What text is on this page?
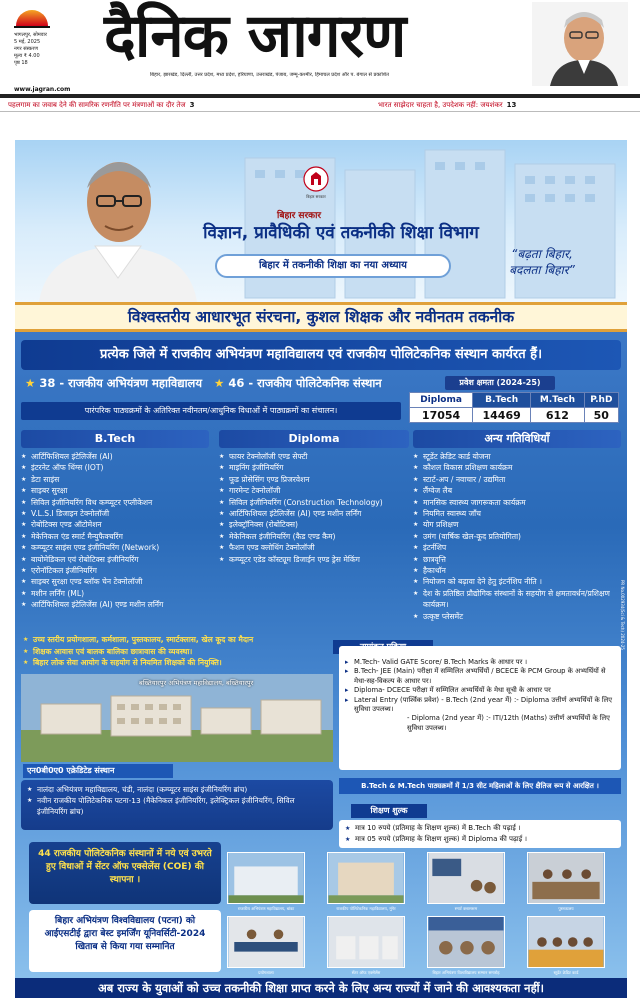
भागलपुर, सोमवार
5 मई, 2025
नगर संस्करण
मूल्य ₹ 4.00
पृष्ठ 18	दैनिक जागरण
बिहार, झारखंड, दिल्ली, उत्तर प्रदेश, मध्य प्रदेश, हरियाणा, उत्तराखंड, पंजाब, जम्मू-कश्मीर, हिमाचल प्रदेश और प. बंगाल से प्रकाशित
www.jagran.com
पहलगाम का जवाब देने की सामरिक रणनीति पर मंत्रणाओं का दौर तेज 3	भारत साझेदार चाहता है, उपदेशक नहीं: जयशंकर 13
बिहार सरकार
बिहार सरकार
विज्ञान, प्रावैधिकी एवं तकनीकी शिक्षा विभाग
बिहार में तकनीकी शिक्षा का नया अध्याय
“बढ़ता बिहार,
बदलता बिहार”
विश्वस्तरीय आधारभूत संरचना, कुशल शिक्षक और नवीनतम तकनीक
प्रत्येक जिले में राजकीय अभियंत्रण महाविद्यालय एवं राजकीय पोलिटेकनिक संस्थान कार्यरत हैं।
★ 38 - राजकीय अभियंत्रण महाविद्यालय ★ 46 - राजकीय पोलिटेकनिक संस्थान	प्रवेश क्षमता (2024-25)
Diploma	B.Tech	M.Tech	P.hD
17054	14469	612	50
पारंपरिक पाठ्यक्रमों के अतिरिक्त नवीनतम/आधुनिक विधाओं में पाठ्यक्रमों का संचालन।
B.Tech
★ आर्टिफिशियल इंटेलिजेंस (AI)
★ इंटरनेट ऑफ थिंग्स (IOT)
★ डेटा साइंस
★ साइबर सुरक्षा
★ सिविल इंजीनियरिंग विथ कम्प्यूटर एप्लीकेशन
★ V.L.S.I डिजाइन टेक्नोलॉजी
★ रोबोटिक्स एण्ड ऑटोमेशन
★ मेकेनिकल एंड स्मार्ट मैन्युफैक्चरिंग
★ कम्प्यूटर साइंस एण्ड इंजीनियरिंग (Network)
★ बायोमेडिकल एवं रोबोटिक्स इंजीनियरिंग
★ एरोनॉटिकल इंजीनियरिंग
★ साइबर सुरक्षा एण्ड ब्लॉक चेन टेक्नोलॉजी
★ मशीन लर्निंग (ML)
★ आर्टिफिशियल इंटेलिजेंस (AI) एण्ड मशीन लर्निंग
Diploma
★ फायर टेक्नोलॉजी एण्ड सेफ्टी
★ माइनिंग इंजीनियरिंग
★ फूड प्रोसेसिंग एण्ड प्रिजरवेशन
★ गारमेन्ट टेक्नोलॉजी
★ सिविल इंजीनियरिंग (Construction Technology)
★ आर्टिफिशियल इंटेलिजेंस (AI) एण्ड मशीन लर्निंग
★ इलेक्ट्रॉनिक्स (रोबोटिक्स)
★ मेकेनिकल इंजीनियरिंग (कैड एण्ड कैम)
★ फैशन एण्ड क्लोथिंग टेक्नोलॉजी
★ कम्प्यूटर एडेड कॉस्ट्यूम डिजाईन एण्ड ड्रेस मेकिंग
अन्य गतिविधियाँ
★ स्टूडेंट क्रेडिट कार्ड योजना
★ कौशल विकास प्रशिक्षण कार्यक्रम
★ स्टार्ट-अप / नवाचार / उद्यमिता
★ लैंग्वेज लैब
★ मानसिक स्वास्थ्य जागरूकता कार्यक्रम
★ नियमित स्वास्थ्य जाँच
★ योग प्रशिक्षण
★ उमंग (वार्षिक खेल-कूद प्रतियोगिता)
★ इंटर्नशिप
★ छात्रवृत्ति
★ हैकाथॉन
★ नियोजन को बढ़ावा देने हेतु इंटर्नशिप नीति ।
★ देश के प्रतिष्ठित प्रौद्योगिक संस्थानों के सहयोग से क्षमतावर्धन/प्रशिक्षण कार्यक्रम।
★ उत्कृष्ट प्लेसमेंट
★ उच्च स्तरीय प्रयोगशाला, कर्मशाला, पुस्तकालय, स्मार्टक्लास, खेल कूद का मैदान
★ शिक्षक आवास एवं बालक बालिका छात्रावास की व्यवस्था।
★ बिहार लोक सेवा आयोग के सहयोग से नियमित शिक्षकों की नियुक्ति।
बख्तियारपुर अभियंत्रण महाविद्यालय, बख्तियारपुर
▸ M.Tech- Valid GATE Score/ B.Tech Marks के आधार पर ।
▸ B.Tech- JEE (Main) परीक्षा में सम्मिलित अभ्यर्थियों / BCECE के PCM Group के अभ्यर्थियों से मेधा-सह-विकल्प के आधार पर।
▸ Diploma- DCECE परीक्षा में सम्मिलित अभ्यर्थियों के मेधा सूची के आधार पर
▸ Lateral Entry (पार्श्विक प्रवेश) - B.Tech (2nd year में) :- Diploma उत्तीर्ण अभ्यर्थियों के लिए सुविधा उपलब्ध।
- Diploma (2nd year में) :- ITI/12th (Maths) उत्तीर्ण अभ्यर्थियों के लिए सुविधा उपलब्ध।
एन0बी0ए0 एक्रेडिटेड संस्थान
★ नालंदा अभियंत्रण महाविद्यालय, चंडी, नालंदा (कम्प्यूटर साइंस इंजीनियरिंग ब्रांच)
★ नवीन राजकीय पोलिटेकनिक पटना-13 (मैकेनिकल इंजीनियरिंग, इलेक्ट्रिकल इंजीनियरिंग, सिविल इंजीनियरिंग ब्रांच)
B.Tech & M.Tech पाठ्यक्रमों में 1/3 सीट महिलाओं के लिए क्षैतिज रूप से आरक्षित ।
शिक्षण शुल्क
★ मात्र 10 रुपये (प्रतिमाह के शिक्षण शुल्क) में B.Tech की पढ़ाई ।
★ मात्र 05 रुपये (प्रतिमाह के शिक्षण शुल्क) में Diploma की पढ़ाई ।
44 राजकीय पोलिटेकनिक संस्थानों में नये एवं उभरते हुए विधाओं में सेंटर ऑफ एक्सेलेंस (COE) की स्थापना ।
बिहार अभियंत्रण विश्वविद्यालय (पटना) को आईएसटीई द्वारा बेस्ट इमर्जिंग यूनिवर्सिटी-2024 खिताब से किया गया सम्मानित
राजकीय अभियंत्रण महाविद्यालय, बांका	राजकीय पोलिटेकनिक महाविद्यालय, मुंगेर	स्मार्ट क्लासरूम	पुस्तकालय
प्रयोगशाला	सेंटर ऑफ एक्सेलेंस	बिहार अभियंत्रण विश्वविद्यालय सम्मान समारोह	स्टूडेंट क्रेडिट कार्ड
PR No.002934(Sci & Tech) 2024-25
अब राज्य के युवाओं को उच्च तकनीकी शिक्षा प्राप्त करने के लिए अन्य राज्यों में जाने की आवश्यकता नहीं।
